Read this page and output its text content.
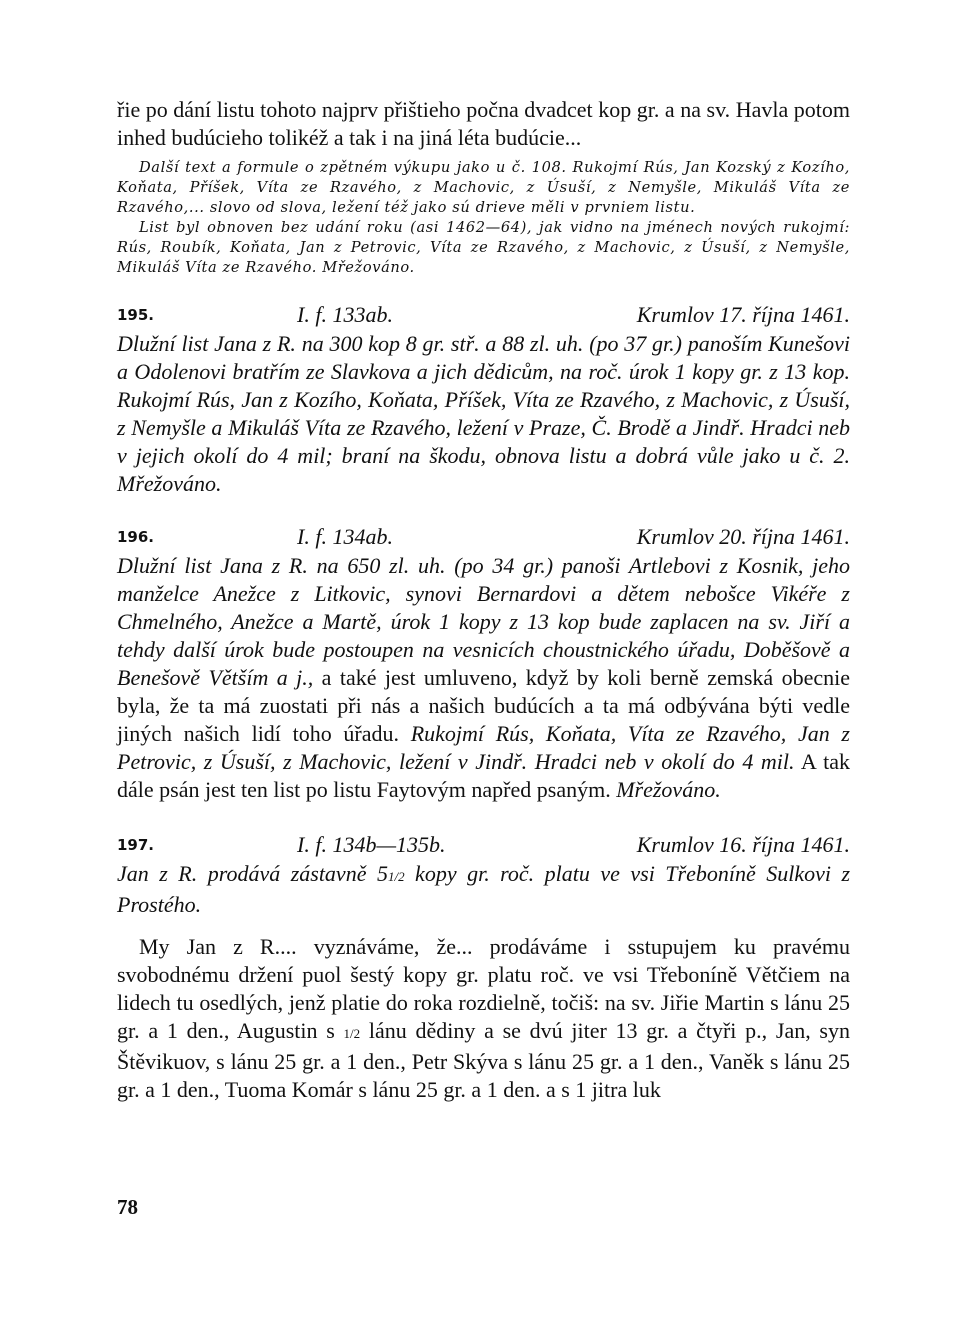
řie po dání listu tohoto najprv přištieho počna dvadcet kop gr. a na sv. Havla potom inhed budúcieho tolikéž a tak i na jiná léta budúcie...

Další text a formule o zpětném výkupu jako u č. 108. Rukojmí Rús, Jan Kozský z Kozího, Koňata, Příšek, Víta ze Rzavého, z Machovic, z Úsuší, z Nemyšle, Mikuláš Víta ze Rzavého,... slovo od slova, ležení též jako sú drieve měli v prvniem listu.

List byl obnoven bez udání roku (asi 1462—64), jak vidno na jménech nových rukojmí: Rús, Roubík, Koňata, Jan z Petrovic, Víta ze Rzavého, z Machovic, z Úsuší, z Nemyšle, Mikuláš Víta ze Rzavého. Mřežováno.

195.	I. f. 133ab.	Krumlov 17. října 1461.

Dlužní list Jana z R. na 300 kop 8 gr. stř. a 88 zl. uh. (po 37 gr.) panoším Kunešovi a Odolenovi bratřím ze Slavkova a jich dědicům, na roč. úrok 1 kopy gr. z 13 kop. Rukojmí Rús, Jan z Kozího, Koňata, Příšek, Víta ze Rzavého, z Machovic, z Úsuší, z Nemyšle a Mikuláš Víta ze Rzavého, ležení v Praze, Č. Brodě a Jindř. Hradci neb v jejich okolí do 4 mil; braní na škodu, obnova listu a dobrá vůle jako u č. 2. Mřežováno.

196.	I. f. 134ab.	Krumlov 20. října 1461.

Dlužní list Jana z R. na 650 zl. uh. (po 34 gr.) panoši Artlebovi z Kosnik, jeho manželce Anežce z Litkovic, synovi Bernardovi a dětem nebošce Vikéře z Chmelného, Anežce a Martě, úrok 1 kopy z 13 kop bude zaplacen na sv. Jiří a tehdy další úrok bude postoupen na vesnicích choustnického úřadu, Doběšově a Benešově Větším a j., a také jest umluveno, když by koli berně zemská obecnie byla, že ta má zuostati při nás a našich budúcích a ta má odbývána býti vedle jiných našich lidí toho úřadu. Rukojmí Rús, Koňata, Víta ze Rzavého, Jan z Petrovic, z Úsuší, z Machovic, ležení v Jindř. Hradci neb v okolí do 4 mil. A tak dále psán jest ten list po listu Faytovým napřed psaným. Mřežováno.

197.	I. f. 134b—135b.	Krumlov 16. října 1461.

Jan z R. prodává zástavně 51/2 kopy gr. roč. platu ve vsi Třeboníně Sulkovi z Prostého.

My Jan z R.... vyznáváme, že... prodáváme i sstupujem ku pravému svobodnému držení puol šestý kopy gr. platu roč. ve vsi Třeboníně Větčiem na lidech tu osedlých, jenž platie do roka rozdielně, točiš: na sv. Jiřie Martin s lánu 25 gr. a 1 den., Augustin s 1/2 lánu dědiny a se dvú jiter 13 gr. a čtyři p., Jan, syn Štěvikuov, s lánu 25 gr. a 1 den., Petr Skýva s lánu 25 gr. a 1 den., Vaněk s lánu 25 gr. a 1 den., Tuoma Komár s lánu 25 gr. a 1 den. a s 1 jitra luk

78
